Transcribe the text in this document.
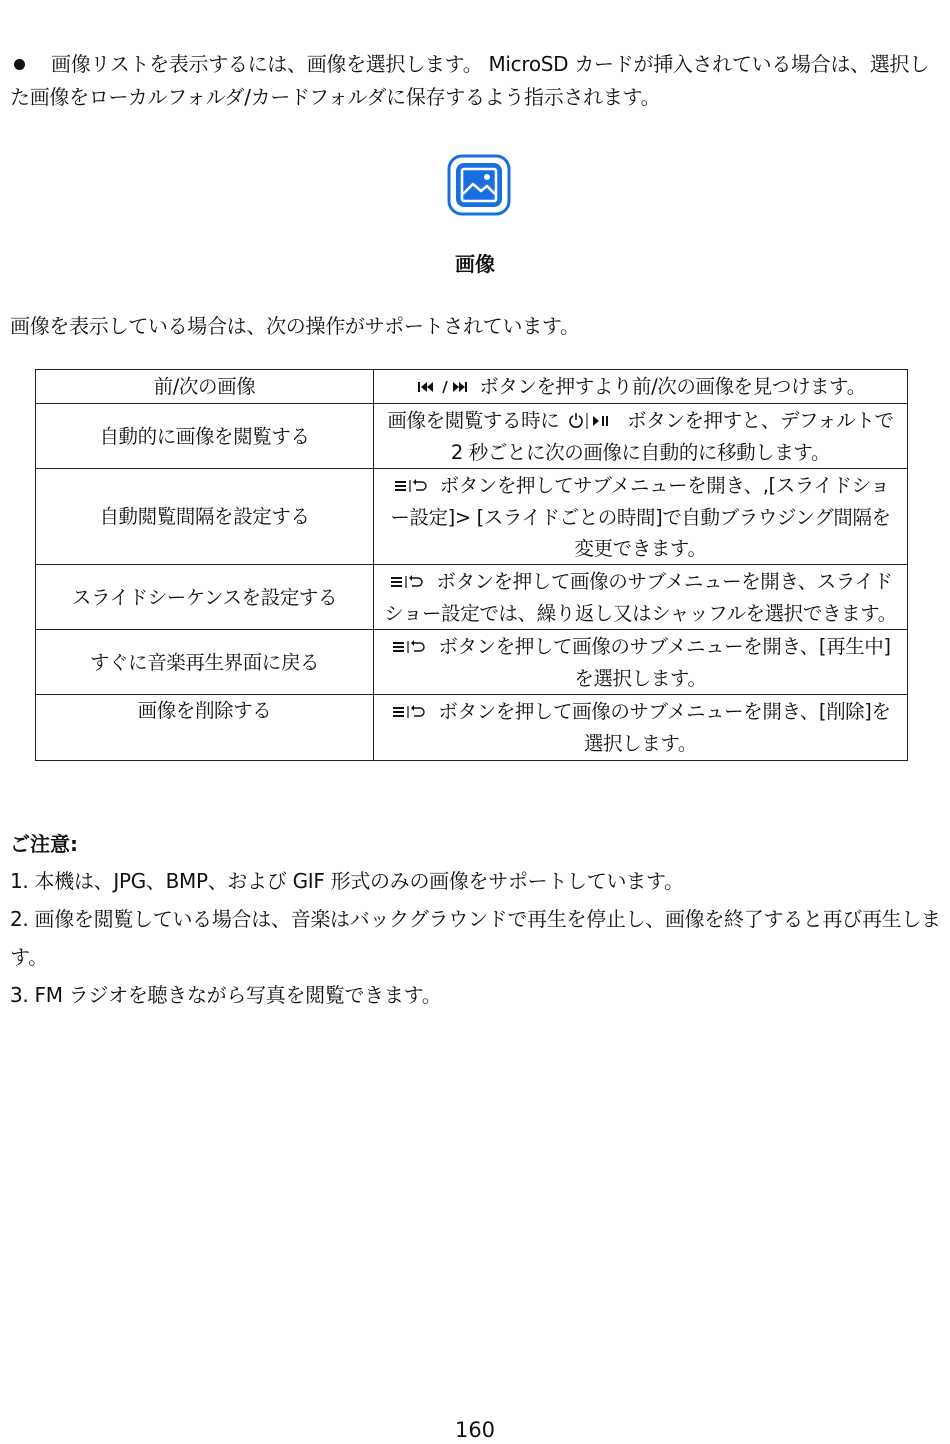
画像リストを表示するには、画像を選択します。 MicroSD カードが挿入されている場合は、選択した画像をローカルフォルダ/カードフォルダに保存するよう指示されます。
画像
画像を表示している場合は、次の操作がサポートされています。
前/次の画像	ボタンを押すより前/次の画像を見つけます。
自動的に画像を閲覧する	画像を閲覧する時に ボタンを押すと、デフォルトで 2 秒ごとに次の画像に自動的に移動します。
自動閲覧間隔を設定する	ボタンを押してサブメニューを開き、,[スライドショー設定]> [スライドごとの時間]で自動ブラウジング間隔を変更できます。
スライドシーケンスを設定する	ボタンを押して画像のサブメニューを開き、スライドショー設定では、繰り返し又はシャッフルを選択できます。
すぐに音楽再生界面に戻る	ボタンを押して画像のサブメニューを開き、[再生中]を選択します。
画像を削除する	ボタンを押して画像のサブメニューを開き、[削除]を選択します。
ご注意:
1. 本機は、JPG、BMP、および GIF 形式のみの画像をサポートしています。
2. 画像を閲覧している場合は、音楽はバックグラウンドで再生を停止し、画像を終了すると再び再生します。
3. FM ラジオを聴きながら写真を閲覧できます。
160
